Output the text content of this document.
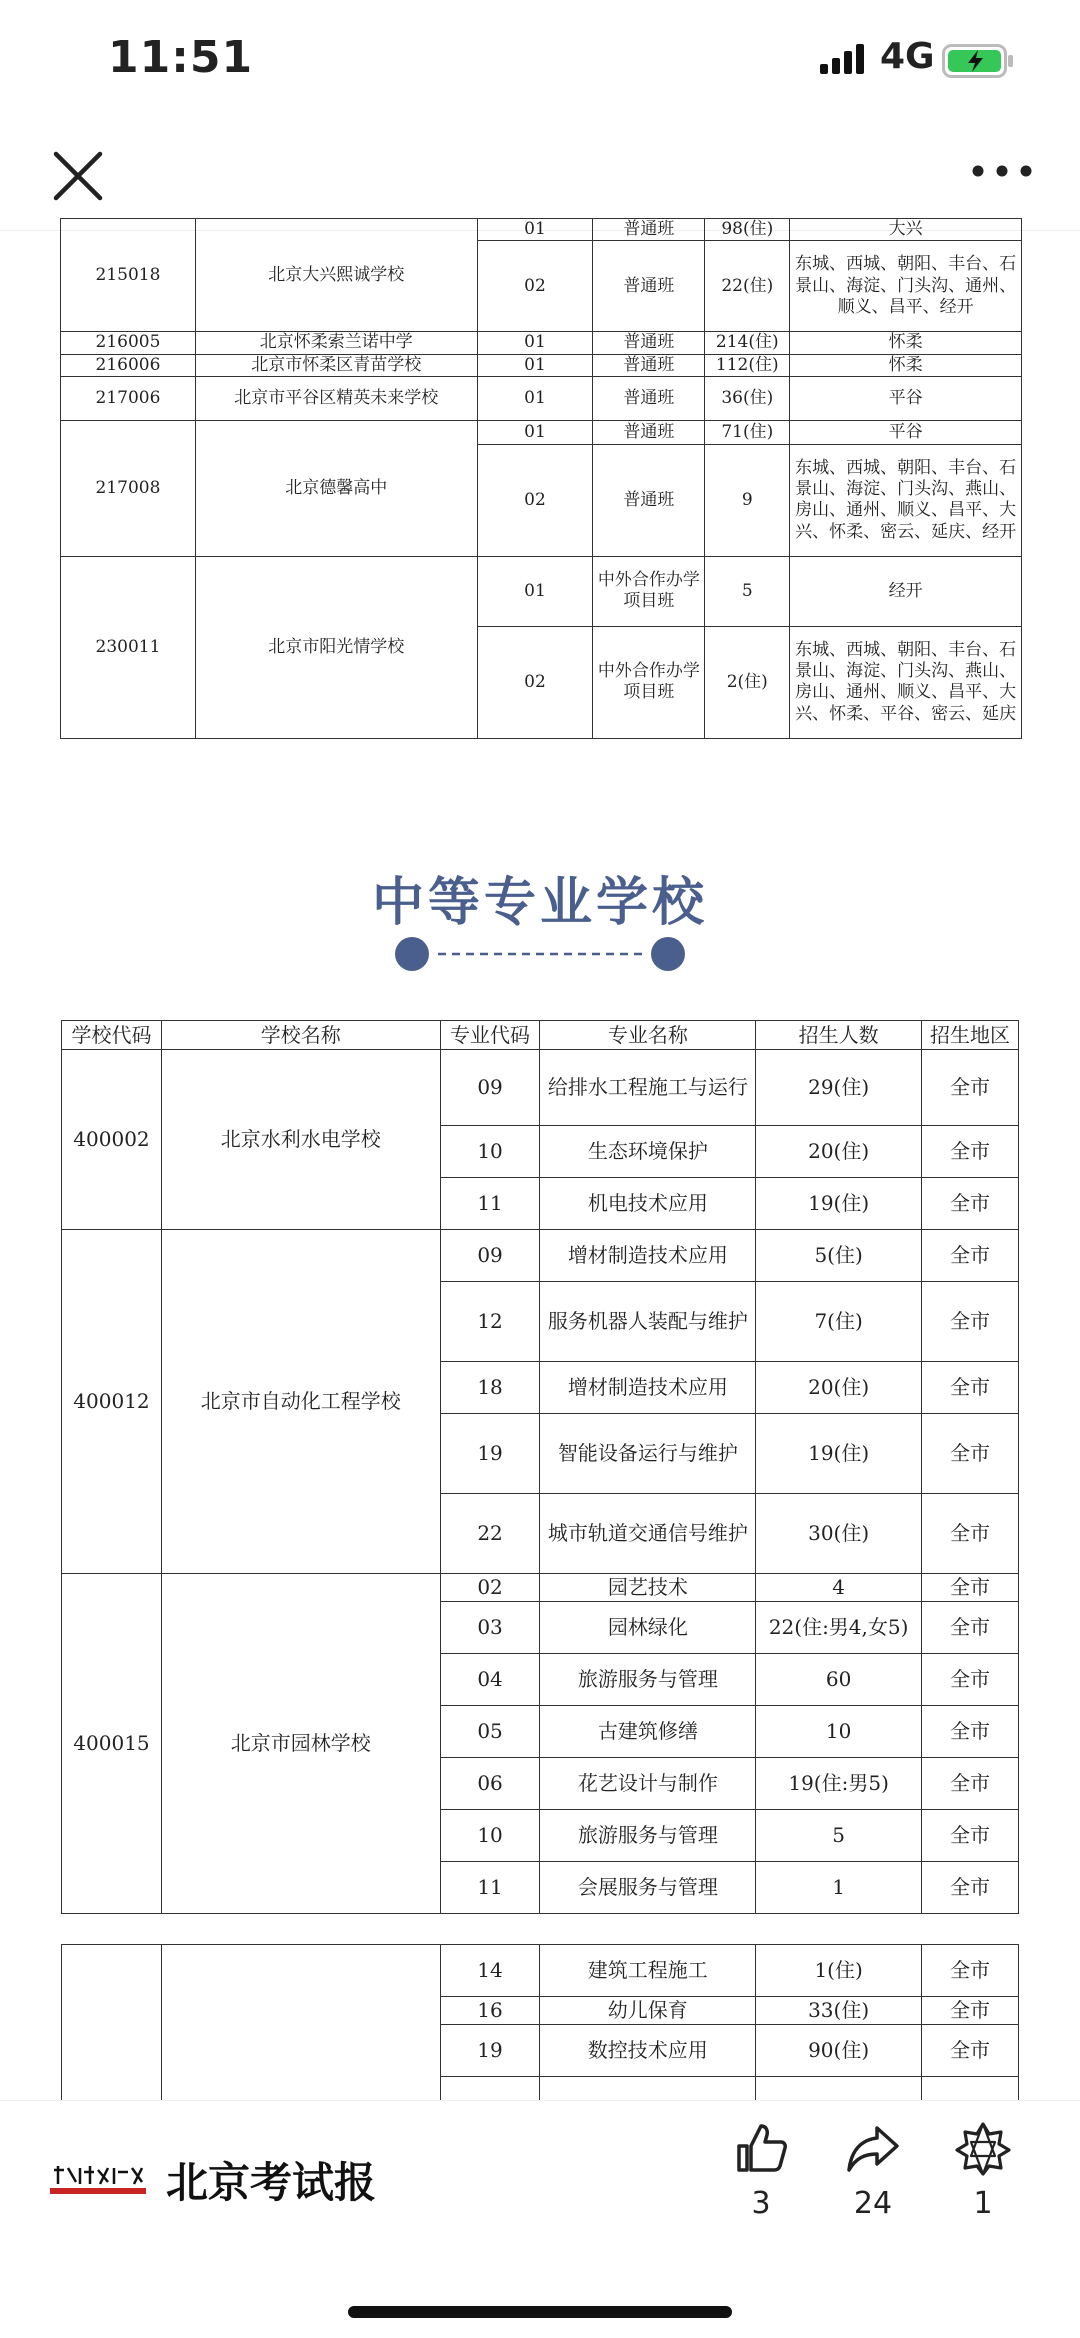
11:51	4G
215018	北京大兴熙诚学校	01	普通班	98(住)	大兴
		02	普通班	22(住)	东城、西城、朝阳、丰台、石景山、海淀、门头沟、通州、顺义、昌平、经开
216005	北京怀柔索兰诺中学	01	普通班	214(住)	怀柔
216006	北京市怀柔区青苗学校	01	普通班	112(住)	怀柔
217006	北京市平谷区精英未来学校	01	普通班	36(住)	平谷
217008	北京德馨高中	01	普通班	71(住)	平谷
		02	普通班	9	东城、西城、朝阳、丰台、石景山、海淀、门头沟、燕山、房山、通州、顺义、昌平、大兴、怀柔、密云、延庆、经开
230011	北京市阳光情学校	01	中外合作办学项目班	5	经开
		02	中外合作办学项目班	2(住)	东城、西城、朝阳、丰台、石景山、海淀、门头沟、燕山、房山、通州、顺义、昌平、大兴、怀柔、平谷、密云、延庆
中等专业学校
学校代码	学校名称	专业代码	专业名称	招生人数	招生地区
400002	北京水利水电学校	09	给排水工程施工与运行	29(住)	全市
		10	生态环境保护	20(住)	全市
		11	机电技术应用	19(住)	全市
400012	北京市自动化工程学校	09	增材制造技术应用	5(住)	全市
		12	服务机器人装配与维护	7(住)	全市
		18	增材制造技术应用	20(住)	全市
		19	智能设备运行与维护	19(住)	全市
		22	城市轨道交通信号维护	30(住)	全市
400015	北京市园林学校	02	园艺技术	4	全市
		03	园林绿化	22(住:男4,女5)	全市
		04	旅游服务与管理	60	全市
		05	古建筑修缮	10	全市
		06	花艺设计与制作	19(住:男5)	全市
		10	旅游服务与管理	5	全市
		11	会展服务与管理	1	全市
		14	建筑工程施工	1(住)	全市
		16	幼儿保育	33(住)	全市
		19	数控技术应用	90(住)	全市

北京考试报	3	24	1
